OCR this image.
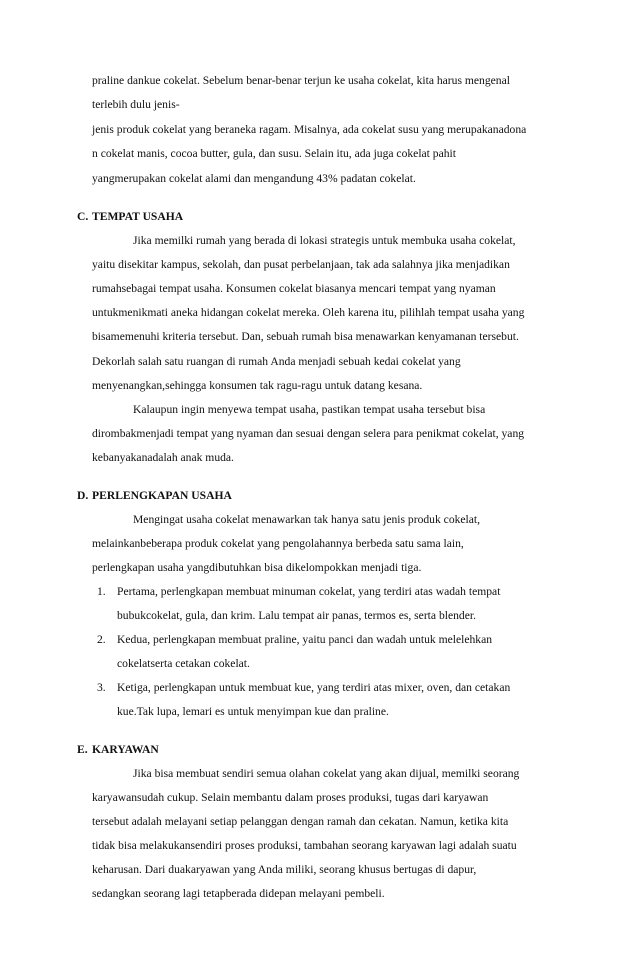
praline dankue cokelat. Sebelum benar-benar terjun ke usaha cokelat, kita harus mengenal
terlebih dulu jenis-
jenis produk cokelat yang beraneka ragam. Misalnya, ada cokelat susu yang merupakanadona
n cokelat manis, cocoa butter, gula, dan susu. Selain itu, ada juga cokelat pahit
yangmerupakan cokelat alami dan mengandung 43% padatan cokelat.
C. TEMPAT USAHA
Jika memilki rumah yang berada di lokasi strategis untuk membuka usaha cokelat,
yaitu disekitar kampus, sekolah, dan pusat perbelanjaan, tak ada salahnya jika menjadikan
rumahsebagai tempat usaha. Konsumen cokelat biasanya mencari tempat yang nyaman
untukmenikmati aneka hidangan cokelat mereka. Oleh karena itu, pilihlah tempat usaha yang
bisamemenuhi kriteria tersebut. Dan, sebuah rumah bisa menawarkan kenyamanan tersebut.
Dekorlah salah satu ruangan di rumah Anda menjadi sebuah kedai cokelat yang
menyenangkan,sehingga konsumen tak ragu-ragu untuk datang kesana.
Kalaupun ingin menyewa tempat usaha, pastikan tempat usaha tersebut bisa
dirombakmenjadi tempat yang nyaman dan sesuai dengan selera para penikmat cokelat, yang
kebanyakanadalah anak muda.
D. PERLENGKAPAN USAHA
Mengingat usaha cokelat menawarkan tak hanya satu jenis produk cokelat,
melainkanbeberapa produk cokelat yang pengolahannya berbeda satu sama lain,
perlengkapan usaha yangdibutuhkan bisa dikelompokkan menjadi tiga.
1. Pertama, perlengkapan membuat minuman cokelat, yang terdiri atas wadah tempat
bubukcokelat, gula, dan krim. Lalu tempat air panas, termos es, serta blender.
2. Kedua, perlengkapan membuat praline, yaitu panci dan wadah untuk melelehkan
cokelatserta cetakan cokelat.
3. Ketiga, perlengkapan untuk membuat kue, yang terdiri atas mixer, oven, dan cetakan
kue.Tak lupa, lemari es untuk menyimpan kue dan praline.
E. KARYAWAN
Jika bisa membuat sendiri semua olahan cokelat yang akan dijual, memilki seorang
karyawansudah cukup. Selain membantu dalam proses produksi, tugas dari karyawan
tersebut adalah melayani setiap pelanggan dengan ramah dan cekatan. Namun, ketika kita
tidak bisa melakukansendiri proses produksi, tambahan seorang karyawan lagi adalah suatu
keharusan. Dari duakaryawan yang Anda miliki, seorang khusus bertugas di dapur,
sedangkan seorang lagi tetapberada didepan melayani pembeli.
